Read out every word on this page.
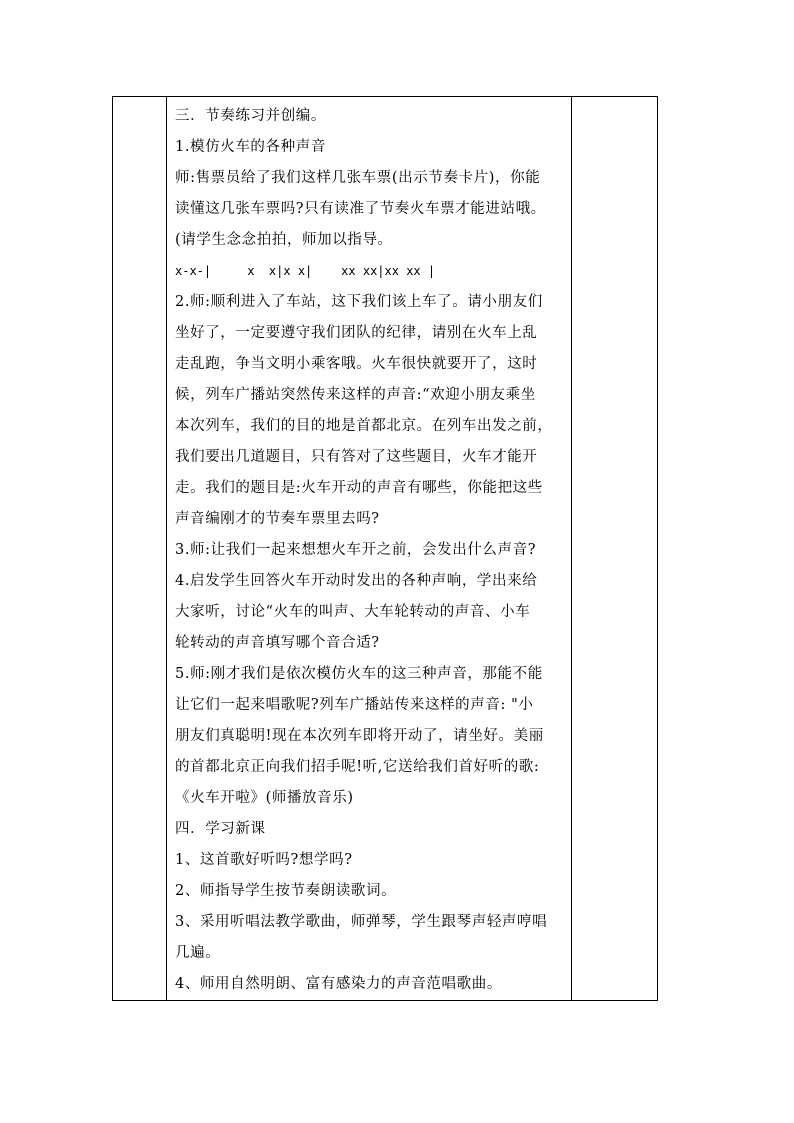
三．节奏练习并创编。
1.模仿火车的各种声音
师:售票员给了我们这样几张车票(出示节奏卡片)，你能
读懂这几张车票吗?只有读准了节奏火车票才能进站哦。
(请学生念念拍拍，师加以指导。
x-x-|     x  x|x x|    xx xx|xx xx |
2.师:顺利进入了车站，这下我们该上车了。请小朋友们
坐好了，一定要遵守我们团队的纪律，请别在火车上乱
走乱跑，争当文明小乘客哦。火车很快就要开了，这时
候，列车广播站突然传来这样的声音:“欢迎小朋友乘坐
本次列车，我们的目的地是首都北京。在列车出发之前，
我们要出几道题目，只有答对了这些题目，火车才能开
走。我们的题目是:火车开动的声音有哪些，你能把这些
声音编刚才的节奏车票里去吗?
3.师:让我们一起来想想火车开之前，会发出什么声音?
4.启发学生回答火车开动时发出的各种声响，学出来给
大家听，讨论“火车的叫声、大车轮转动的声音、小车
轮转动的声音填写哪个音合适?
5.师:刚才我们是依次模仿火车的这三种声音，那能不能
让它们一起来唱歌呢?列车广播站传来这样的声音: "小
朋友们真聪明!现在本次列车即将开动了，请坐好。美丽
的首都北京正向我们招手呢!听,它送给我们首好听的歌:
《火车开啦》(师播放音乐)
四．学习新课
1、这首歌好听吗?想学吗?
2、师指导学生按节奏朗读歌词。
3、采用听唱法教学歌曲，师弹琴，学生跟琴声轻声哼唱
几遍。
4、师用自然明朗、富有感染力的声音范唱歌曲。
